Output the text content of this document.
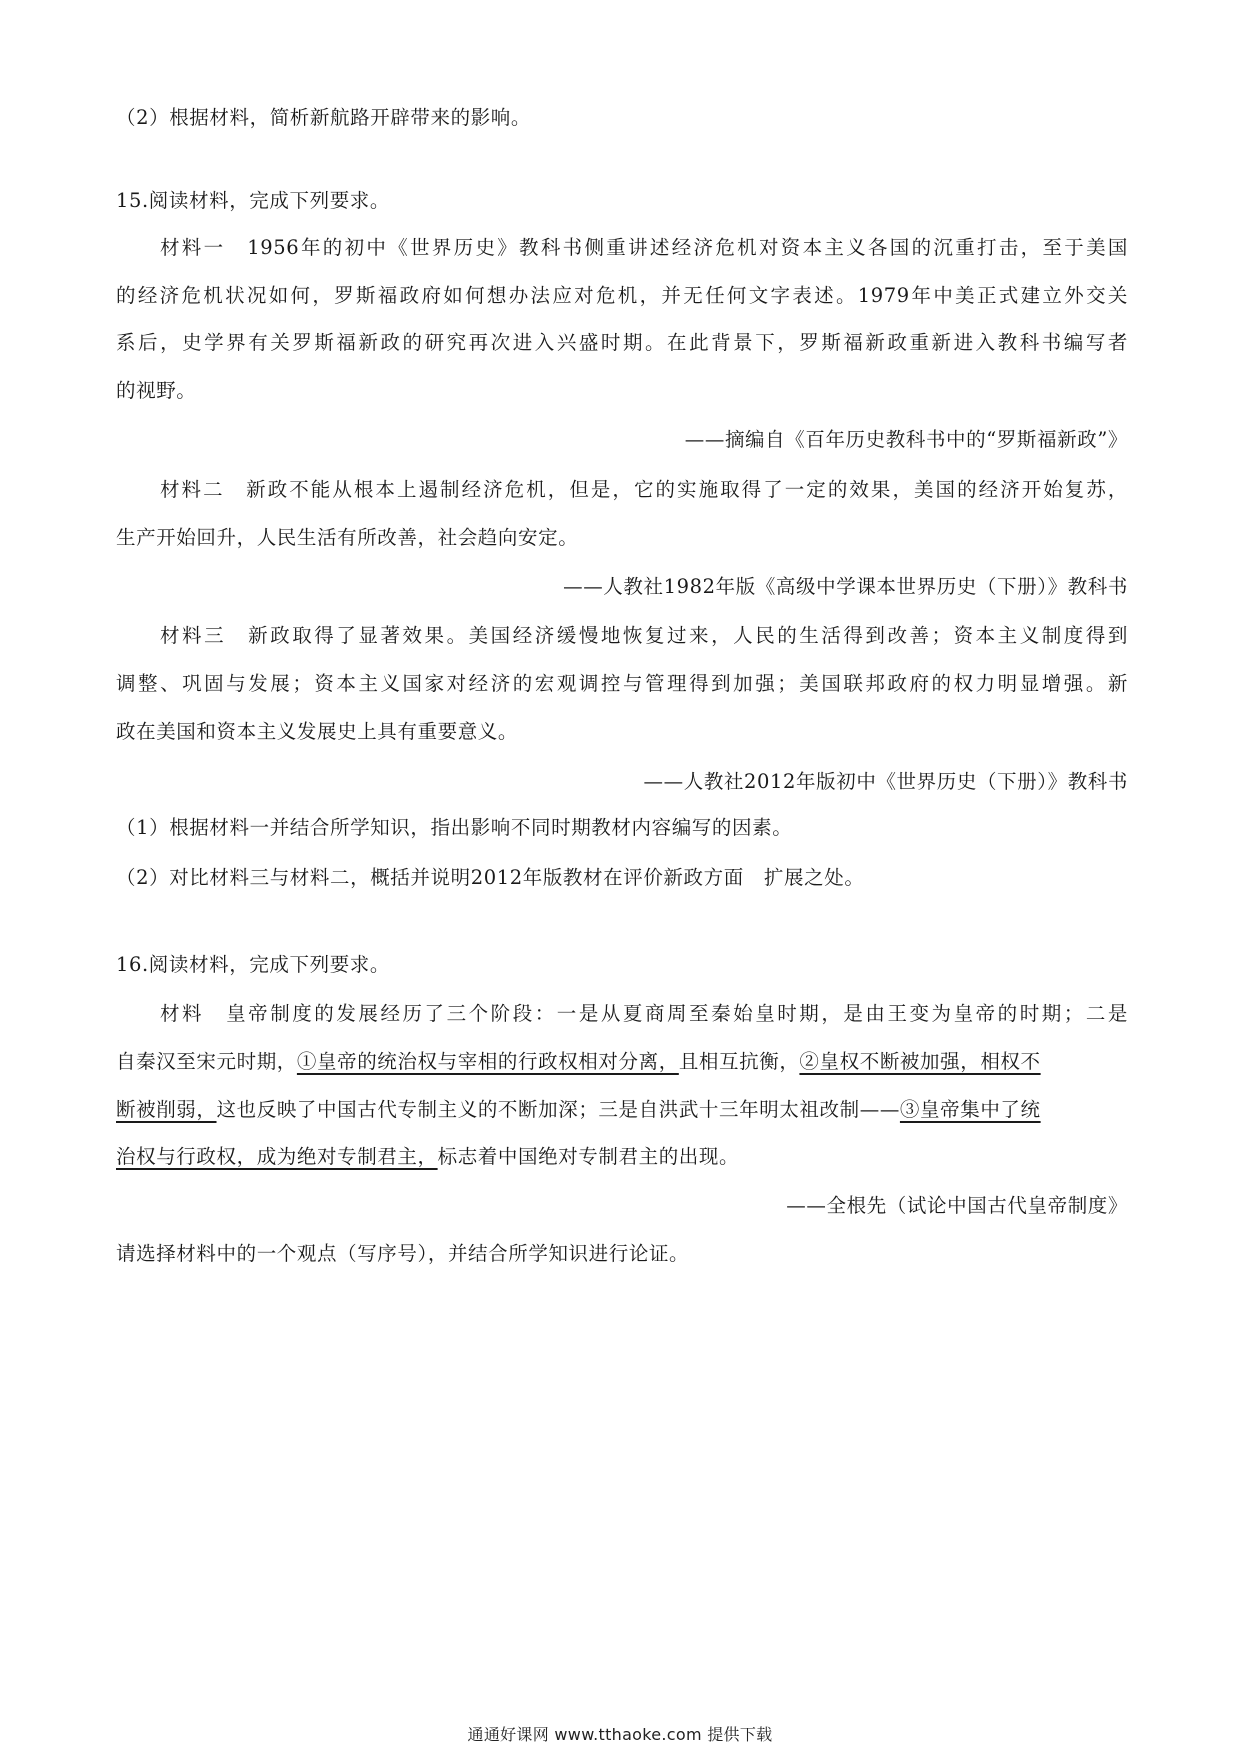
（2）根据材料，简析新航路开辟带来的影响。
15.阅读材料，完成下列要求。
材料一　1956年的初中《世界历史》教科书侧重讲述经济危机对资本主义各国的沉重打击，至于美国
的经济危机状况如何，罗斯福政府如何想办法应对危机，并无任何文字表述。1979年中美正式建立外交关
系后，史学界有关罗斯福新政的研究再次进入兴盛时期。在此背景下，罗斯福新政重新进入教科书编写者
的视野。
——摘编自《百年历史教科书中的“罗斯福新政”》
材料二　新政不能从根本上遏制经济危机，但是，它的实施取得了一定的效果，美国的经济开始复苏，
生产开始回升，人民生活有所改善，社会趋向安定。
——人教社1982年版《高级中学课本世界历史（下册）》教科书
材料三　新政取得了显著效果。美国经济缓慢地恢复过来，人民的生活得到改善；资本主义制度得到
调整、巩固与发展；资本主义国家对经济的宏观调控与管理得到加强；美国联邦政府的权力明显增强。新
政在美国和资本主义发展史上具有重要意义。
——人教社2012年版初中《世界历史（下册）》教科书
（1）根据材料一并结合所学知识，指出影响不同时期教材内容编写的因素。
（2）对比材料三与材料二，概括并说明2012年版教材在评价新政方面　扩展之处。
16.阅读材料，完成下列要求。
材料　皇帝制度的发展经历了三个阶段：一是从夏商周至秦始皇时期，是由王变为皇帝的时期；二是
自秦汉至宋元时期，①皇帝的统治权与宰相的行政权相对分离，且相互抗衡，②皇权不断被加强，相权不
断被削弱，这也反映了中国古代专制主义的不断加深；三是自洪武十三年明太祖改制——③皇帝集中了统
治权与行政权，成为绝对专制君主，标志着中国绝对专制君主的出现。
——全根先（试论中国古代皇帝制度》
请选择材料中的一个观点（写序号），并结合所学知识进行论证。
通通好课网 www.tthaoke.com 提供下载
